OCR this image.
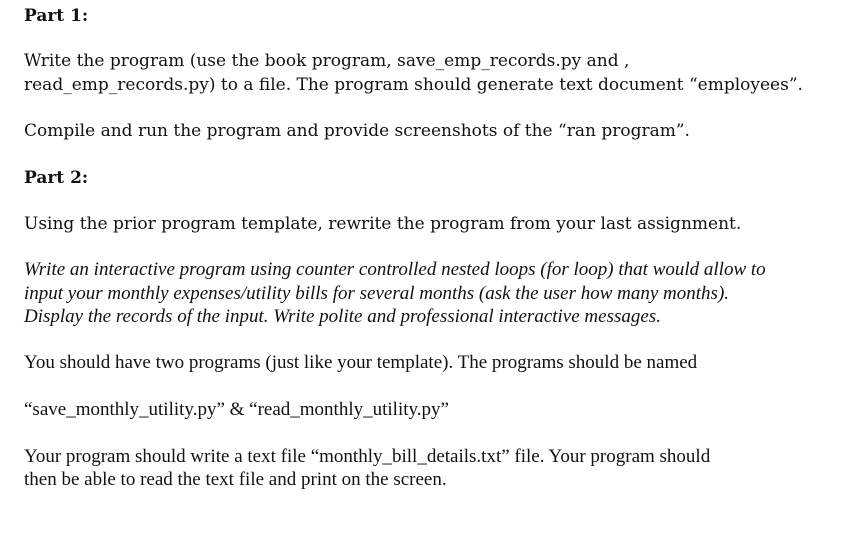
Part 1:
Write the program (use the book program, save_emp_records.py and ,
read_emp_records.py) to a file. The program should generate text document “employees”.
Compile and run the program and provide screenshots of the “ran program”.
Part 2:
Using the prior program template, rewrite the program from your last assignment.
Write an interactive program using counter controlled nested loops (for loop) that would allow to
input your monthly expenses/utility bills for several months (ask the user how many months).
Display the records of the input. Write polite and professional interactive messages.
You should have two programs (just like your template). The programs should be named
“save_monthly_utility.py” & “read_monthly_utility.py”
Your program should write a text file “monthly_bill_details.txt” file. Your program should
then be able to read the text file and print on the screen.
